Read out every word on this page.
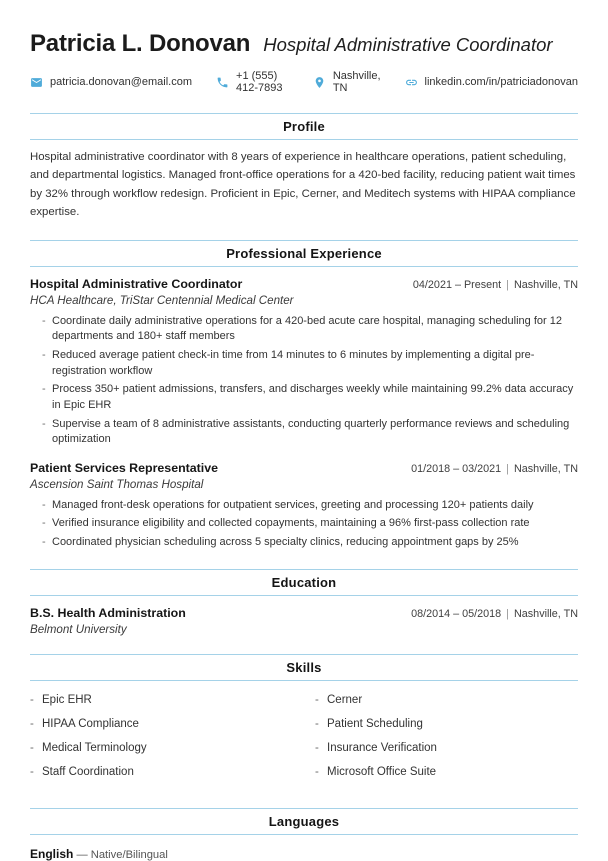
Patricia L. Donovan Hospital Administrative Coordinator
patricia.donovan@email.com	+1 (555) 412-7893
Nashville, TN	linkedin.com/in/patriciadonovan
Profile

Hospital administrative coordinator with 8 years of experience in healthcare operations, patient scheduling, and departmental logistics. Managed front-office operations for a 420-bed facility, reducing patient wait times by 32% through workflow redesign. Proficient in Epic, Cerner, and Meditech systems with HIPAA compliance expertise.

Professional Experience
Hospital Administrative Coordinator	04/2021 – Present | Nashville, TN
HCA Healthcare, TriStar Centennial Medical Center
- Coordinate daily administrative operations for a 420-bed acute care hospital, managing scheduling for 12 departments and 180+ staff members
- Reduced average patient check-in time from 14 minutes to 6 minutes by implementing a digital pre-registration workflow
- Process 350+ patient admissions, transfers, and discharges weekly while maintaining 99.2% data accuracy in Epic EHR
- Supervise a team of 8 administrative assistants, conducting quarterly performance reviews and scheduling optimization
Patient Services Representative	01/2018 – 03/2021 | Nashville, TN
Ascension Saint Thomas Hospital
- Managed front-desk operations for outpatient services, greeting and processing 120+ patients daily
- Verified insurance eligibility and collected copayments, maintaining a 96% first-pass collection rate
- Coordinated physician scheduling across 5 specialty clinics, reducing appointment gaps by 25%
Education
B.S. Health Administration	08/2014 – 05/2018 | Nashville, TN
Belmont University
Skills
- Epic EHR
- HIPAA Compliance
- Medical Terminology
- Staff Coordination
- Cerner
- Patient Scheduling
- Insurance Verification
- Microsoft Office Suite
Languages
English — Native/Bilingual
